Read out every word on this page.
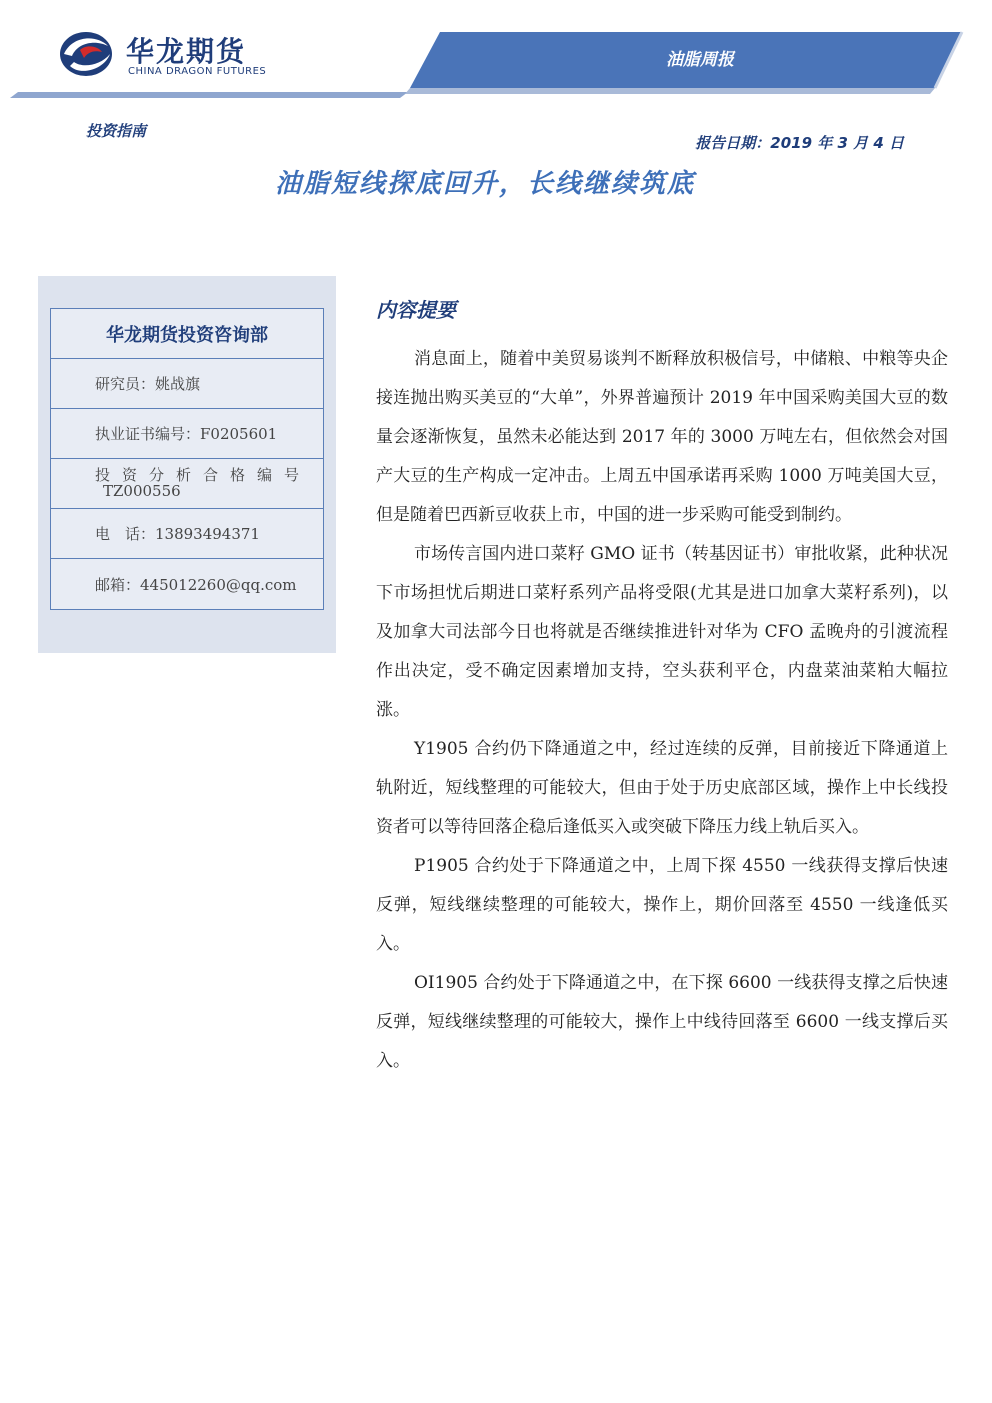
华龙期货
CHINA DRAGON FUTURES
油脂周报
投资指南
报告日期：2019 年 3 月 4 日
油脂短线探底回升，长线继续筑底
华龙期货投资咨询部
研究员：姚战旗
执业证书编号：F0205601
投资分析合格编号
TZ000556
电　话：13893494371
邮箱：445012260@qq.com
内容提要

消息面上，随着中美贸易谈判不断释放积极信号，中储粮、中粮等央企接连抛出购买美豆的“大单”，外界普遍预计 2019 年中国采购美国大豆的数量会逐渐恢复，虽然未必能达到 2017 年的 3000 万吨左右，但依然会对国产大豆的生产构成一定冲击。上周五中国承诺再采购 1000 万吨美国大豆，但是随着巴西新豆收获上市，中国的进一步采购可能受到制约。

市场传言国内进口菜籽 GMO 证书（转基因证书）审批收紧，此种状况下市场担忧后期进口菜籽系列产品将受限(尤其是进口加拿大菜籽系列)，以及加拿大司法部今日也将就是否继续推进针对华为 CFO 孟晚舟的引渡流程作出决定，受不确定因素增加支持，空头获利平仓，内盘菜油菜粕大幅拉涨。

Y1905 合约仍下降通道之中，经过连续的反弹，目前接近下降通道上轨附近，短线整理的可能较大，但由于处于历史底部区域，操作上中长线投资者可以等待回落企稳后逢低买入或突破下降压力线上轨后买入。

P1905 合约处于下降通道之中，上周下探 4550 一线获得支撑后快速反弹，短线继续整理的可能较大，操作上，期价回落至 4550 一线逢低买入。

OI1905 合约处于下降通道之中，在下探 6600 一线获得支撑之后快速反弹，短线继续整理的可能较大，操作上中线待回落至 6600 一线支撑后买入。
